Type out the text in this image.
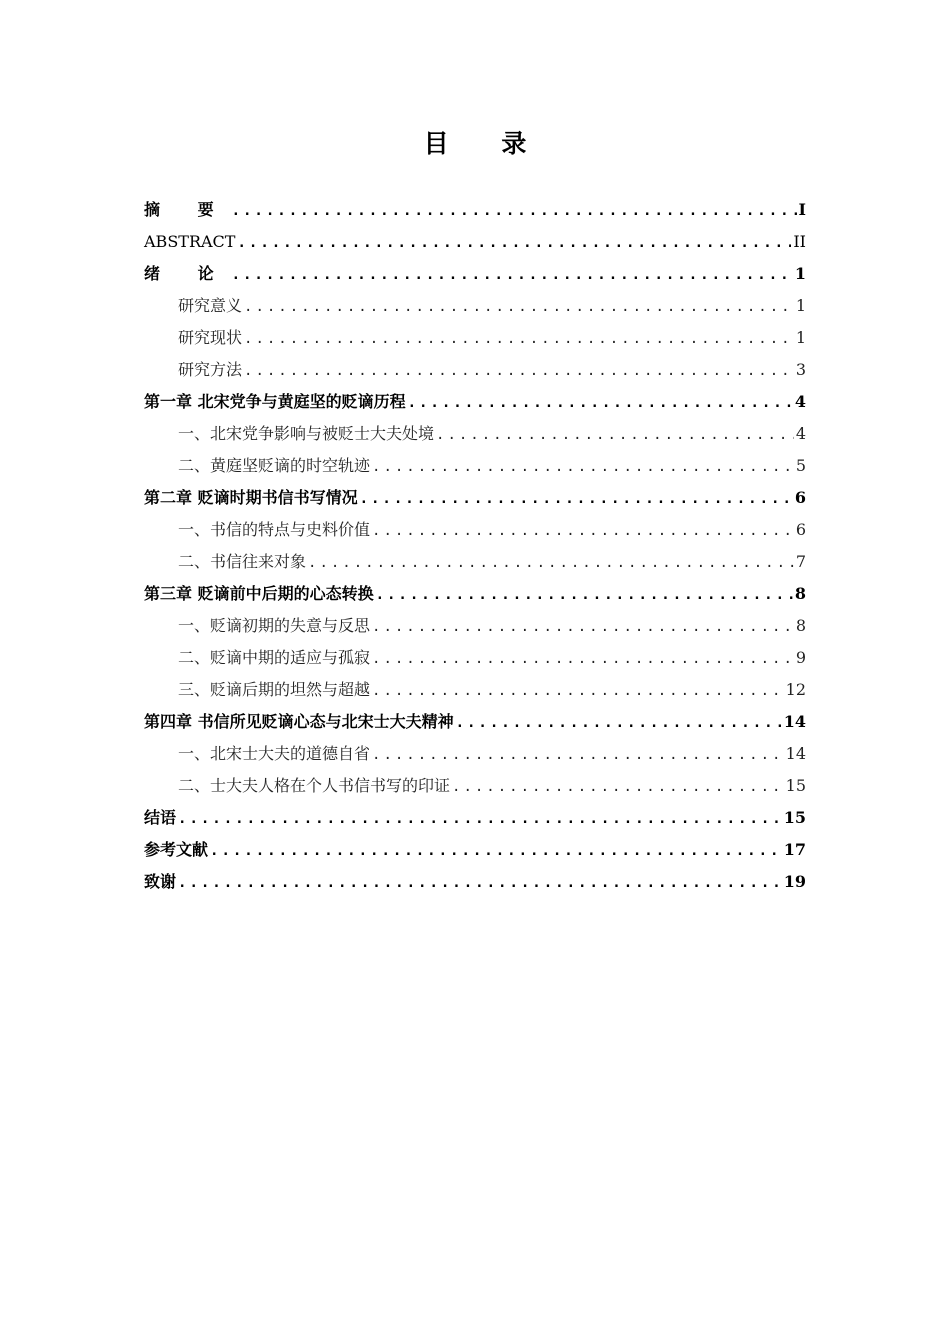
目 录
摘 要 .....	I
ABSTRACT .....	II
绪 论 .....	1
研究意义 .....	1
研究现状 .....	1
研究方法 .....	3
第一章 北宋党争与黄庭坚的贬谪历程 .....	4
一、北宋党争影响与被贬士大夫处境 .....	4
二、黄庭坚贬谪的时空轨迹 .....	5
第二章 贬谪时期书信书写情况 .....	6
一、书信的特点与史料价值 .....	6
二、书信往来对象 .....	7
第三章 贬谪前中后期的心态转换 .....	8
一、贬谪初期的失意与反思 .....	8
二、贬谪中期的适应与孤寂 .....	9
三、贬谪后期的坦然与超越 .....	12
第四章 书信所见贬谪心态与北宋士大夫精神 .....	14
一、北宋士大夫的道德自省 .....	14
二、士大夫人格在个人书信书写的印证 .....	15
结语 .....	15
参考文献 .....	17
致谢 .....	19
